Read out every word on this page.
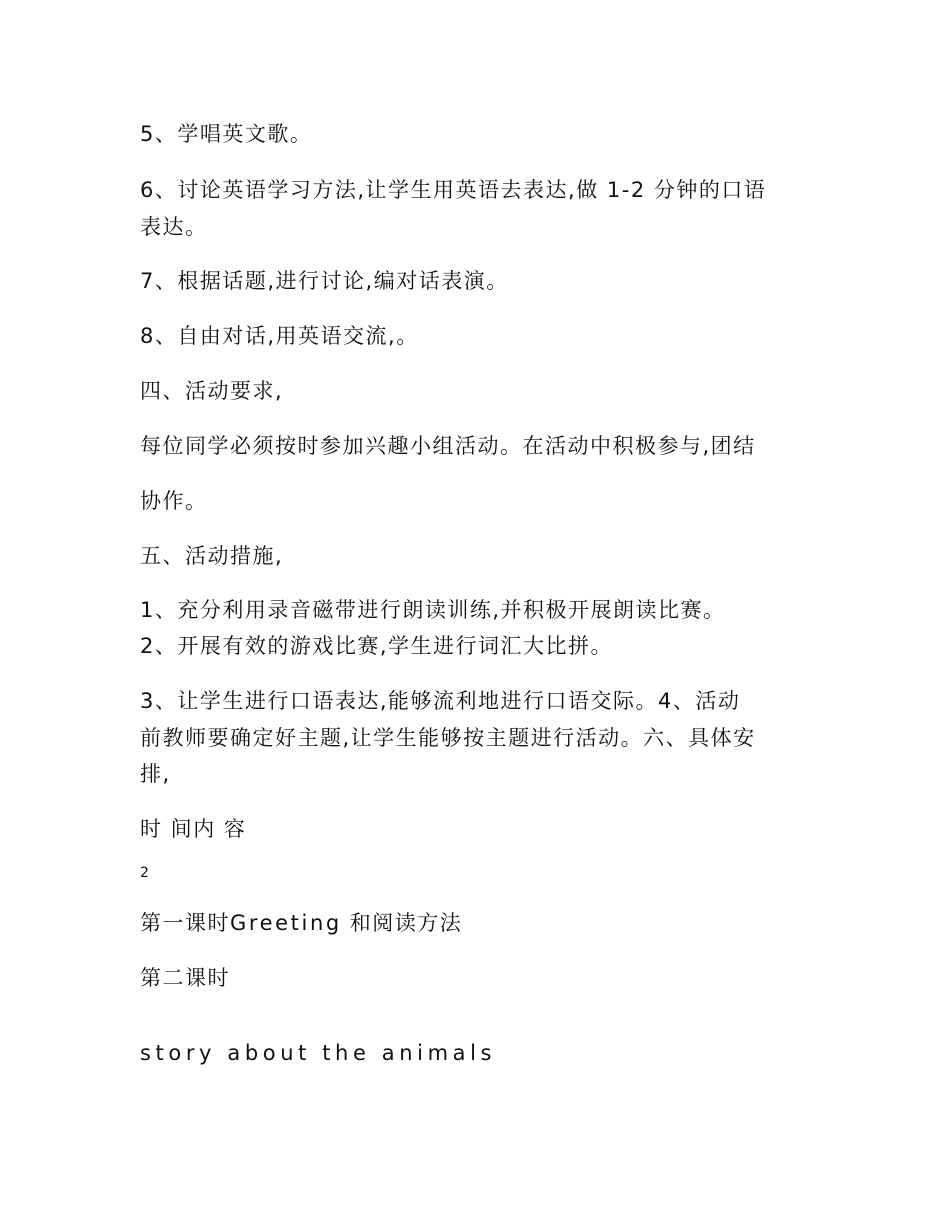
5、学唱英文歌。

6、讨论英语学习方法,让学生用英语去表达,做 1-2 分钟的口语

表达。

7、根据话题,进行讨论,编对话表演。

8、自由对话,用英语交流,。

四、活动要求,

每位同学必须按时参加兴趣小组活动。在活动中积极参与,团结

协作。

五、活动措施,

1、充分利用录音磁带进行朗读训练,并积极开展朗读比赛。

2、开展有效的游戏比赛,学生进行词汇大比拼。

3、让学生进行口语表达,能够流利地进行口语交际。4、活动

前教师要确定好主题,让学生能够按主题进行活动。六、具体安

排,

时 间内 容

2

第一课时Greeting 和阅读方法

第二课时

story about the animals
